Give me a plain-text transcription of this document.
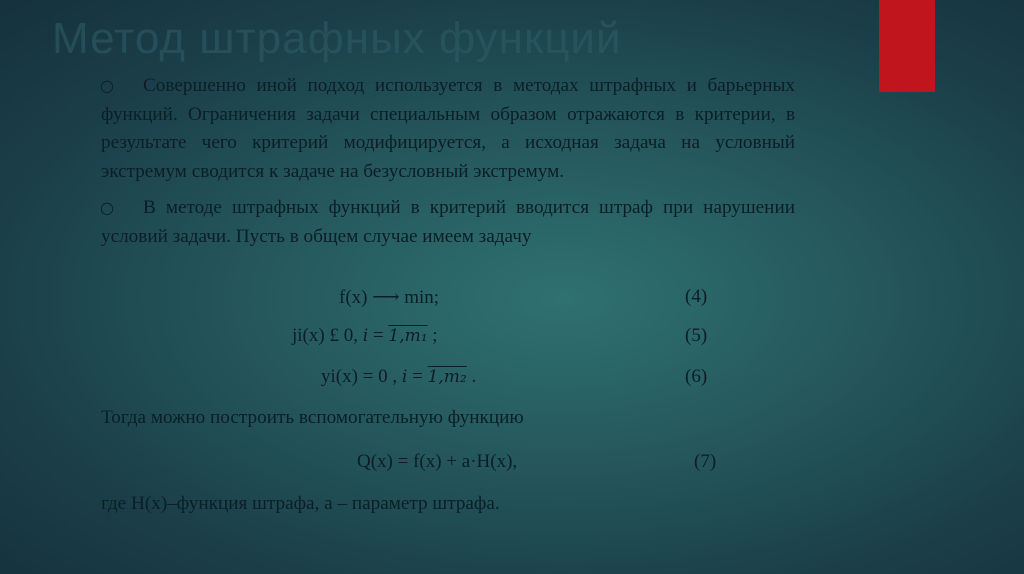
Метод штрафных функций

○ Совершенно иной подход используется в методах штрафных и барьерных функций. Ограничения задачи специальным образом отражаются в критерии, в результате чего критерий модифицируется, а исходная задача на условный экстремум сводится к задаче на безусловный экстремум.

○ В методе штрафных функций в критерий вводится штраф при нарушении условий задачи. Пусть в общем случае имеем задачу

f(x) ⟶ min;	(4)
ji(x) £ 0, i = 1,m₁ ;	(5)
yi(x) = 0 , i = 1,m₂ .	(6)
Тогда можно построить вспомогательную функцию
Q(x) = f(x) + a·H(x),	(7)
где H(x)–функция штрафа, а – параметр штрафа.
